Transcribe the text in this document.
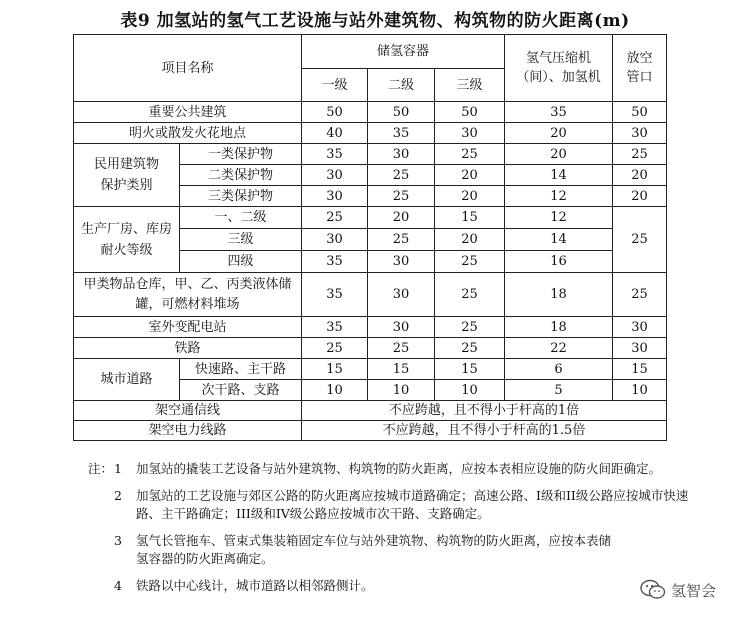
表9 加氢站的氢气工艺设施与站外建筑物、构筑物的防火距离(m)
项目名称		储氢容器			氢气压缩机（间）、加氢机	放空管口
		一级	二级	三级		
重要公共建筑		50	50	50	35	50
明火或散发火花地点		40	35	30	20	30
民用建筑物保护类别	一类保护物	35	30	25	20	25
	二类保护物	30	25	20	14	20
	三类保护物	30	25	20	12	20
生产厂房、库房耐火等级	一、二级	25	20	15	12	25
	三级	30	25	20	14	
	四级	35	30	25	16	
甲类物品仓库，甲、乙、丙类液体储罐，可燃材料堆场		35	30	25	18	25
室外变配电站		35	30	25	18	30
铁路		25	25	25	22	30
城市道路	快速路、主干路	15	15	15	6	15
	次干路、支路	10	10	10	5	10
架空通信线		不应跨越，且不得小于杆高的1倍				
架空电力线路		不应跨越，且不得小于杆高的1.5倍				
注： 1	加氢站的撬装工艺设备与站外建筑物、构筑物的防火距离，应按本表相应设施的防火间距确定。
2	加氢站的工艺设施与郊区公路的防火距离应按城市道路确定；高速公路、I级和II级公路应按城市快速路、主干路确定；III级和IV级公路应按城市次干路、支路确定。
3	氢气长管拖车、管束式集装箱固定车位与站外建筑物、构筑物的防火距离，应按本表储氢容器的防火距离确定。
4	铁路以中心线计，城市道路以相邻路侧计。	氢智会
